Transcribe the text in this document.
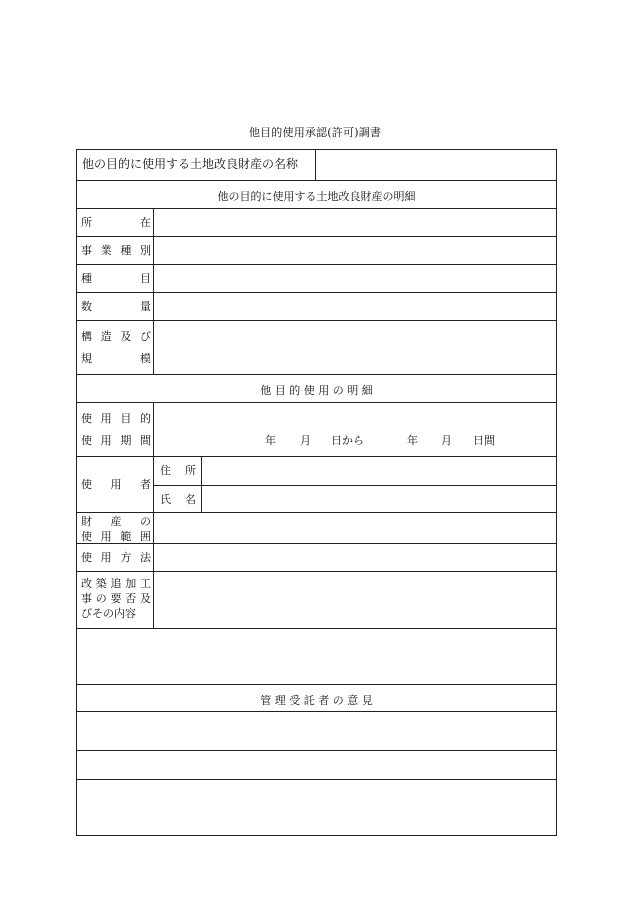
他目的使用承認(許可)調書
他の目的に使用する土地改良財産の名称
他の目的に使用する土地改良財産の明細
所	在
事 業 種 別
種	目
数	量
構 造 及 び
規	模
他 目 的 使 用 の 明 細
使 用 目 的
使 用 期 間	年 月 日から	年 月 日間
使 用 者
住 所
氏 名
財 産 の
使 用 範 囲
使 用 方 法
改 築 追 加 工
事 の 要 否 及
びその内容
管 理 受 託 者 の 意 見
